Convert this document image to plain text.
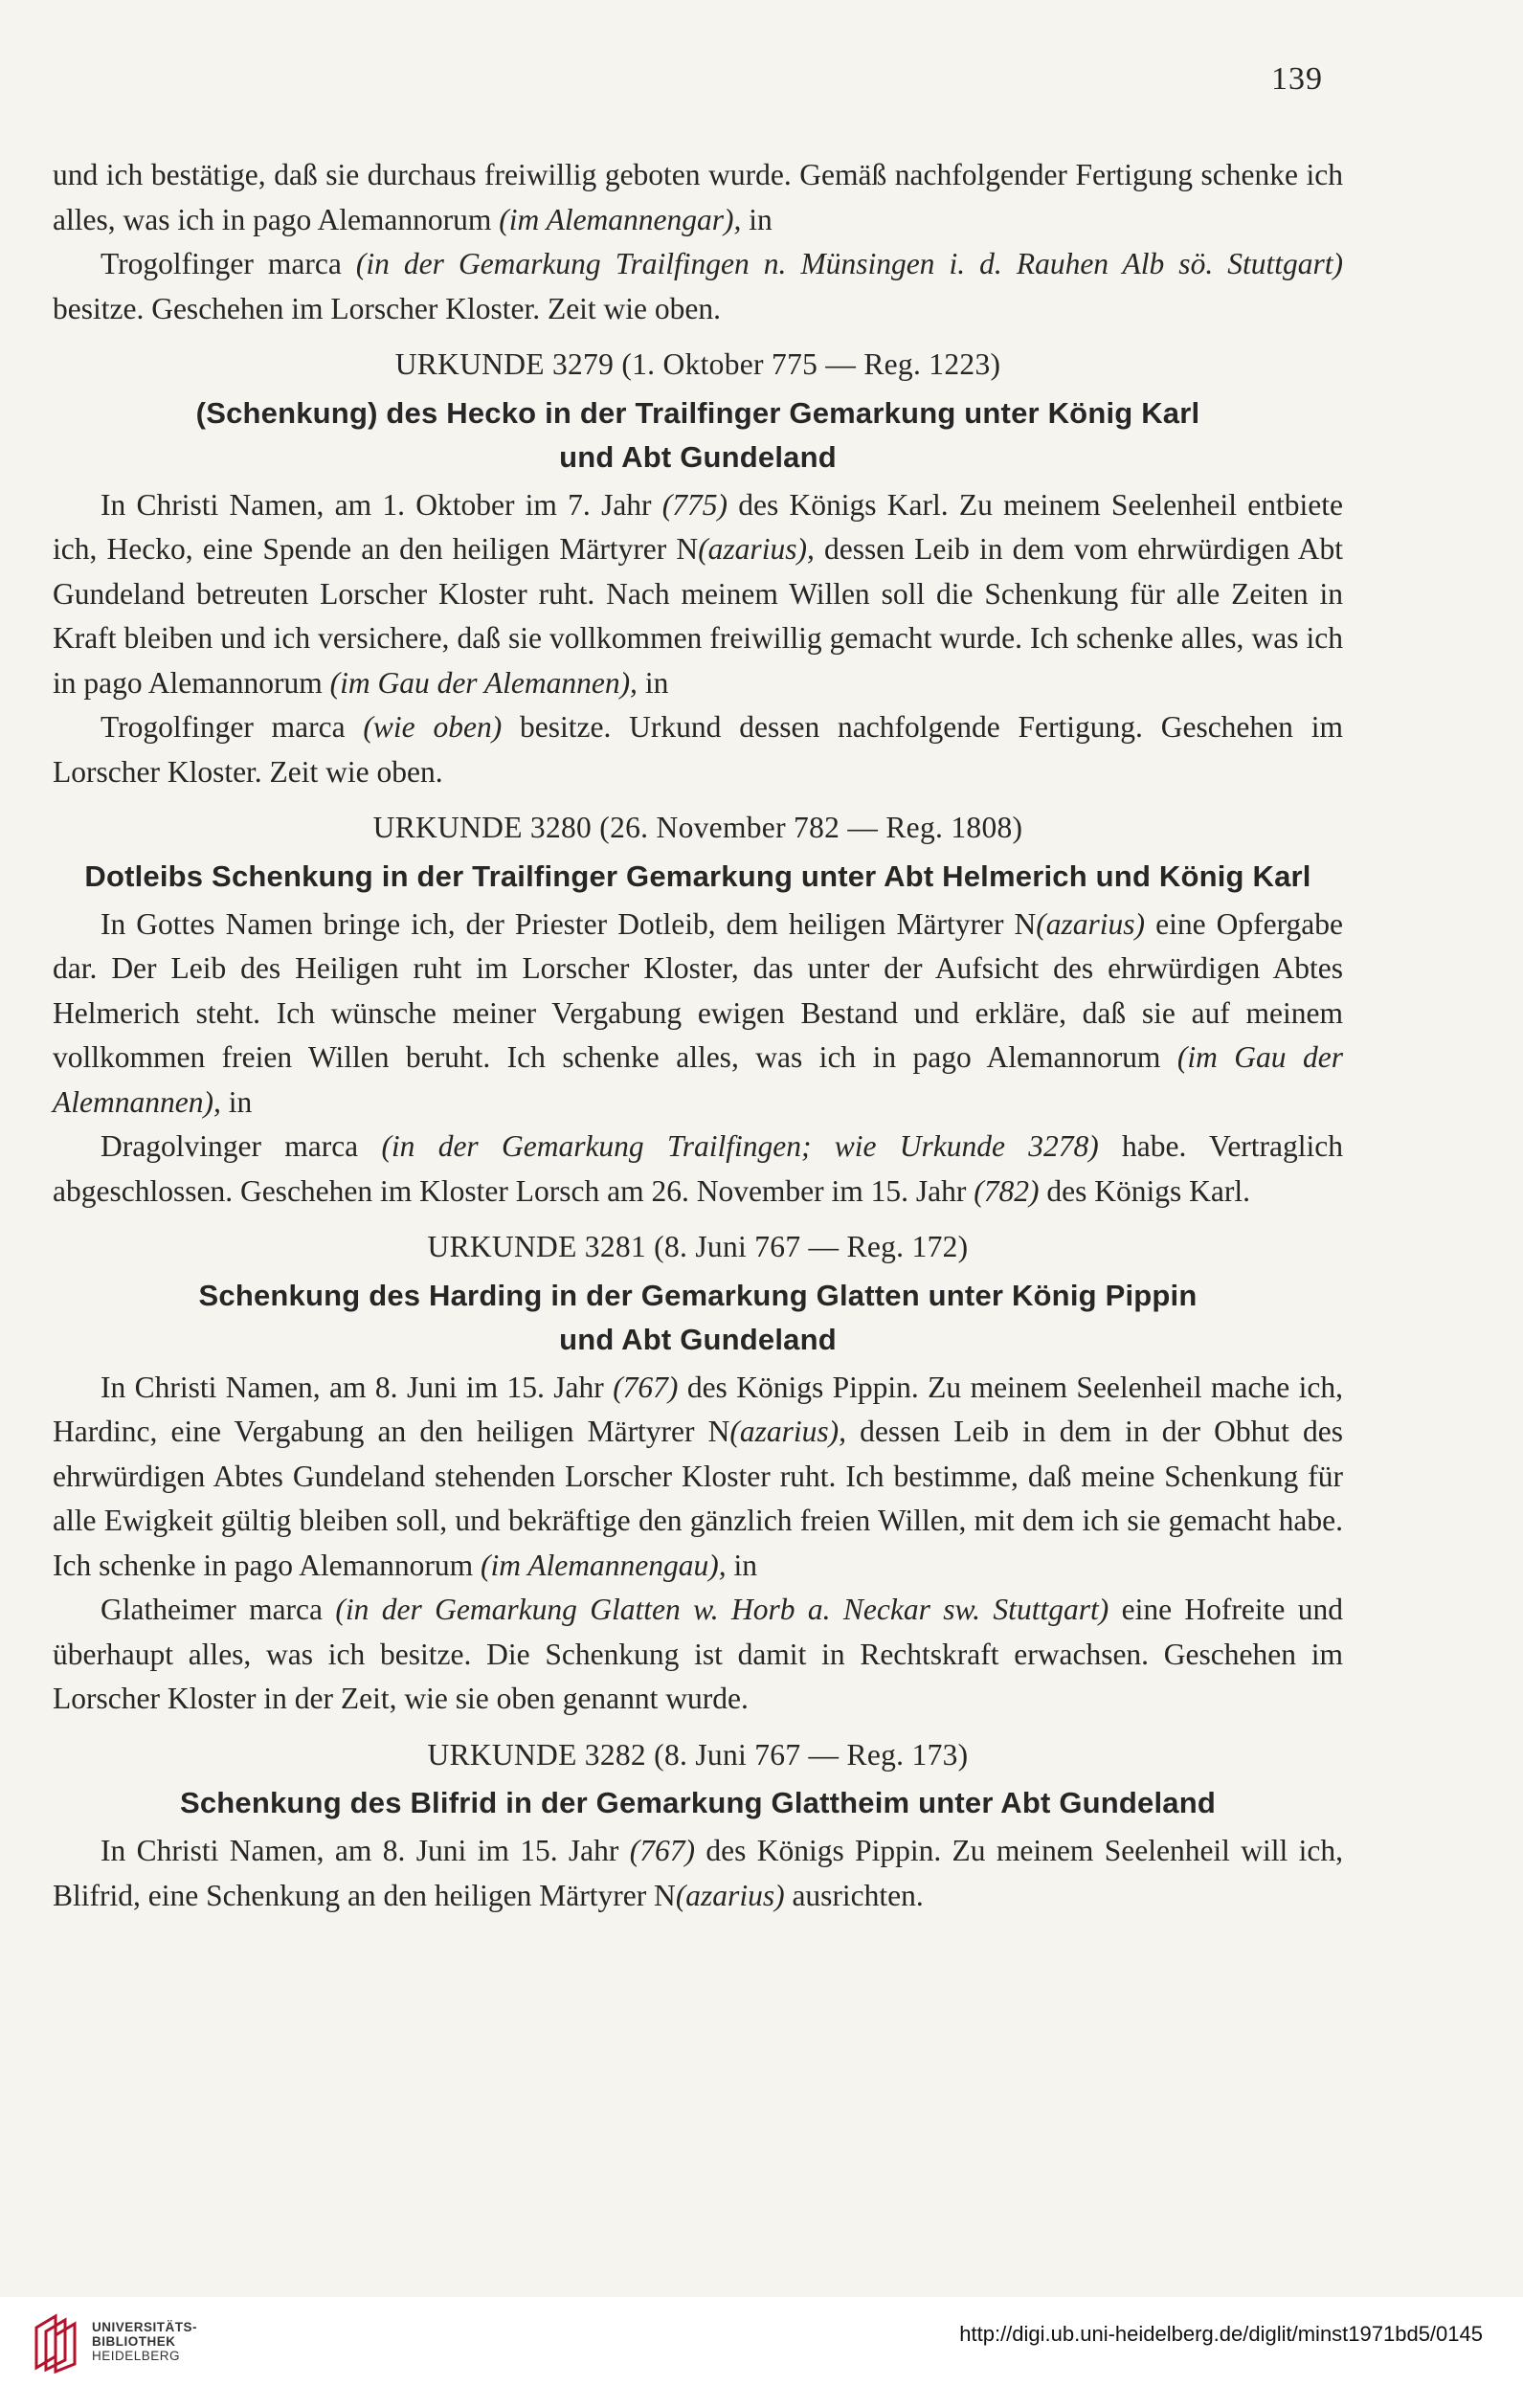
139

und ich bestätige, daß sie durchaus freiwillig geboten wurde. Gemäß nachfolgender Fertigung schenke ich alles, was ich in pago Alemannorum (im Alemannengar), in

Trogolfinger marca (in der Gemarkung Trailfingen n. Münsingen i. d. Rauhen Alb sö. Stuttgart) besitze. Geschehen im Lorscher Kloster. Zeit wie oben.

URKUNDE 3279 (1. Oktober 775 — Reg. 1223)
(Schenkung) des Hecko in der Trailfinger Gemarkung unter König Karl
und Abt Gundeland

In Christi Namen, am 1. Oktober im 7. Jahr (775) des Königs Karl. Zu meinem Seelenheil entbiete ich, Hecko, eine Spende an den heiligen Märtyrer N(azarius), dessen Leib in dem vom ehrwürdigen Abt Gundeland betreuten Lorscher Kloster ruht. Nach meinem Willen soll die Schenkung für alle Zeiten in Kraft bleiben und ich versichere, daß sie vollkommen freiwillig gemacht wurde. Ich schenke alles, was ich in pago Alemannorum (im Gau der Alemannen), in

Trogolfinger marca (wie oben) besitze. Urkund dessen nachfolgende Fertigung. Geschehen im Lorscher Kloster. Zeit wie oben.

URKUNDE 3280 (26. November 782 — Reg. 1808)
Dotleibs Schenkung in der Trailfinger Gemarkung unter Abt Helmerich und König Karl

In Gottes Namen bringe ich, der Priester Dotleib, dem heiligen Märtyrer N(azarius) eine Opfergabe dar. Der Leib des Heiligen ruht im Lorscher Kloster, das unter der Aufsicht des ehrwürdigen Abtes Helmerich steht. Ich wünsche meiner Vergabung ewigen Bestand und erkläre, daß sie auf meinem vollkommen freien Willen beruht. Ich schenke alles, was ich in pago Alemannorum (im Gau der Alemnannen), in

Dragolvinger marca (in der Gemarkung Trailfingen; wie Urkunde 3278) habe. Vertraglich abgeschlossen. Geschehen im Kloster Lorsch am 26. November im 15. Jahr (782) des Königs Karl.

URKUNDE 3281 (8. Juni 767 — Reg. 172)
Schenkung des Harding in der Gemarkung Glatten unter König Pippin
und Abt Gundeland

In Christi Namen, am 8. Juni im 15. Jahr (767) des Königs Pippin. Zu meinem Seelenheil mache ich, Hardinc, eine Vergabung an den heiligen Märtyrer N(azarius), dessen Leib in dem in der Obhut des ehrwürdigen Abtes Gundeland stehenden Lorscher Kloster ruht. Ich bestimme, daß meine Schenkung für alle Ewigkeit gültig bleiben soll, und bekräftige den gänzlich freien Willen, mit dem ich sie gemacht habe. Ich schenke in pago Alemannorum (im Alemannengau), in

Glatheimer marca (in der Gemarkung Glatten w. Horb a. Neckar sw. Stuttgart) eine Hofreite und überhaupt alles, was ich besitze. Die Schenkung ist damit in Rechtskraft erwachsen. Geschehen im Lorscher Kloster in der Zeit, wie sie oben genannt wurde.

URKUNDE 3282 (8. Juni 767 — Reg. 173)
Schenkung des Blifrid in der Gemarkung Glattheim unter Abt Gundeland

In Christi Namen, am 8. Juni im 15. Jahr (767) des Königs Pippin. Zu meinem Seelenheil will ich, Blifrid, eine Schenkung an den heiligen Märtyrer N(azarius) ausrichten.

UNIVERSITÄTS-
BIBLIOTHEK
HEIDELBERG
http://digi.ub.uni-heidelberg.de/diglit/minst1971bd5/0145
